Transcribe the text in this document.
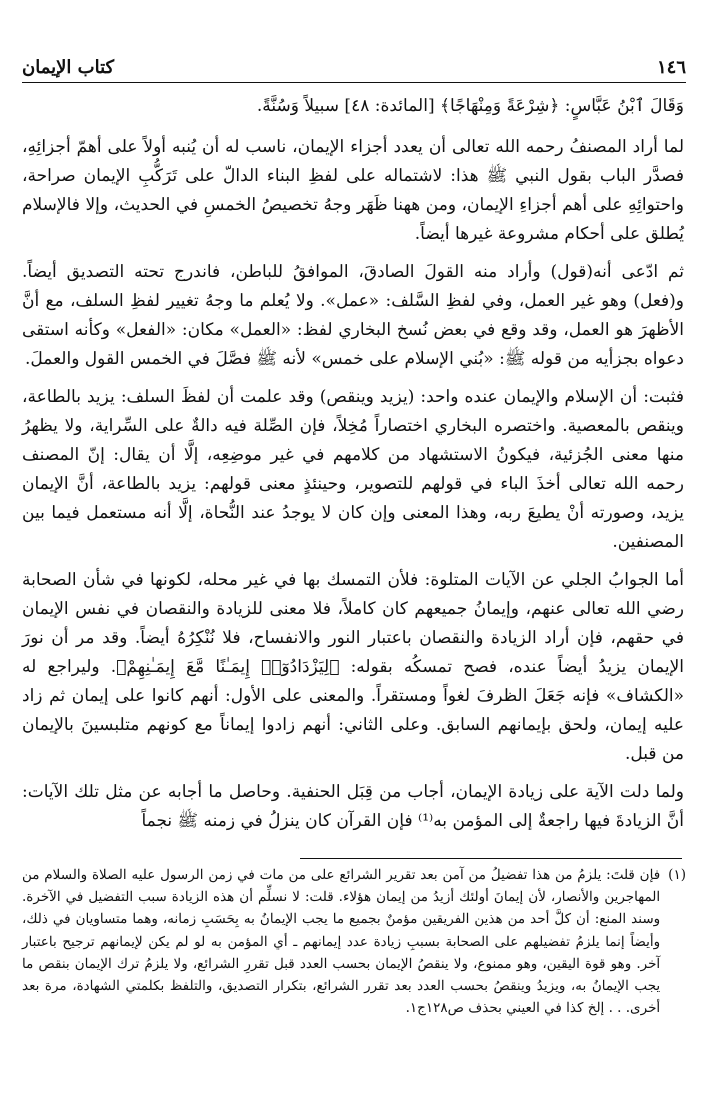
١٤٦
كتاب الإيمان

وَقَالَ ٱبْنُ عَبَّاسٍ: ﴿شِرْعَةً وَمِنْهَاجًا﴾ [المائدة: ٤٨] سبيلاً وَسُنَّةً.

لما أراد المصنفُ رحمه الله تعالى أن يعدد أجزاء الإيمان، ناسب له أن يُنبه أولاً على أهمّ أجزائِهِ، فصدَّر الباب بقول النبي ﷺ هذا: لاشتماله على لفظِ البناء الدالّ على تَرَكُّبِ الإيمان صراحة، واحتوائِهِ على أهم أجزاءِ الإيمان، ومن ههنا ظَهَر وجهُ تخصيصُ الخمسِ في الحديث، وإلا فالإسلام يُطلق على أحكام مشروعة غيرها أيضاً.

ثم ادّعى أنه(قول) وأراد منه القولَ الصادقَ، الموافقُ للباطن، فاندرج تحته التصديق أيضاً. و(فعل) وهو غير العمل، وفي لفظِ السَّلف: «عمل». ولا يُعلم ما وجهُ تغيير لفظِ السلف، مع أنَّ الأظهرَ هو العمل، وقد وقع في بعض نُسخ البخاري لفظ: «العمل» مكان: «الفعل» وكأنه استقى دعواه بجزأيه من قوله ﷺ: «بُني الإسلام على خمس» لأنه ﷺ فصَّلَ في الخمس القول والعملَ.

فثبت: أن الإسلام والإيمان عنده واحد: (يزيد وينقص) وقد علمت أن لفظَ السلف: يزيد بالطاعة، وينقص بالمعصية. واختصره البخاري اختصاراً مُخِلاً، فإن الصِّلة فيه دالةٌ على السِّراية، ولا يظهرُ منها معنى الجُزئية، فيكونُ الاستشهاد من كلامهم في غير موضِعِه، إلَّا أن يقال: إنّ المصنف رحمه الله تعالى أخذَ الباء في قولهم للتصوير، وحينئذٍ معنى قولهم: يزيد بالطاعة، أنَّ الإيمان يزيد، وصورته أنْ يطيعَ ربه، وهذا المعنى وإن كان لا يوجدُ عند النُّحاة، إلَّا أنه مستعمل فيما بين المصنفين.

أما الجوابُ الجلي عن الآيات المتلوة: فلأن التمسك بها في غير محله، لكونها في شأن الصحابة رضي الله تعالى عنهم، وإيمانُ جميعهم كان كاملاً، فلا معنى للزيادة والنقصان في نفس الإيمان في حقهم، فإن أراد الزيادة والنقصان باعتبار النور والانفساح، فلا نُنْكِرُهُ أيضاً. وقد مر أن نورَ الإيمان يزيدُ أيضاً عنده، فصح تمسكُه بقوله: ﴿لِيَزْدَادُوٓا۟ إِيمَـٰنًا مَّعَ إِيمَـٰنِهِمْ﴾. وليراجع له «الكشاف» فإنه جَعَلَ الظرفَ لغواً ومستقراً. والمعنى على الأول: أنهم كانوا على إيمان ثم زاد عليه إيمان، ولحق بإيمانهم السابق. وعلى الثاني: أنهم زادوا إيماناً مع كونهم متلبسينَ بالإيمان من قبل.

ولما دلت الآية على زيادة الإيمان، أجاب من قِبَل الحنفية. وحاصل ما أجابه عن مثل تلك الآيات: أنَّ الزيادةَ فيها راجعةٌ إلى المؤمن به⁽¹⁾ فإن القرآن كان ينزلُ في زمنه ﷺ نجماً

(١)
فإن قلتَ: يلزمُ من هذا تفضيلُ من آمن بعد تقرير الشرائع على من مات في زمن الرسول عليه الصلاة والسلام من المهاجرين والأنصار، لأن إيمانَ أولئك أزيدُ من إيمان هؤلاء. قلت: لا نسلِّم أن هذه الزيادة سبب التفضيل في الآخرة. وسند المنع: أن كلَّ أحد من هذين الفريقين مؤمنٌ بجميع ما يجب الإيمانُ به بِحَسَبِ زمانه، وهما متساويان في ذلك، وأيضاً إنما يلزمُ تفضيلهم على الصحابة بسببِ زيادة عدد إيمانهم ـ أي المؤمن به لو لم يكن لإيمانهم ترجيح باعتبار آخر. وهو قوة اليقين، وهو ممنوع، ولا ينقصُ الإيمان بحسب العدد قبل تقررِ الشرائع، ولا يلزمُ ترك الإيمان بنقص ما يجب الإيمانُ به، ويزيدُ وينقصُ بحسب العدد بعد تقرر الشرائع، بتكرار التصديق، والتلفظ بكلمتي الشهادة، مرة بعد أخرى. . . إلخ كذا في العيني بحذف ص١٢٨ج١.
